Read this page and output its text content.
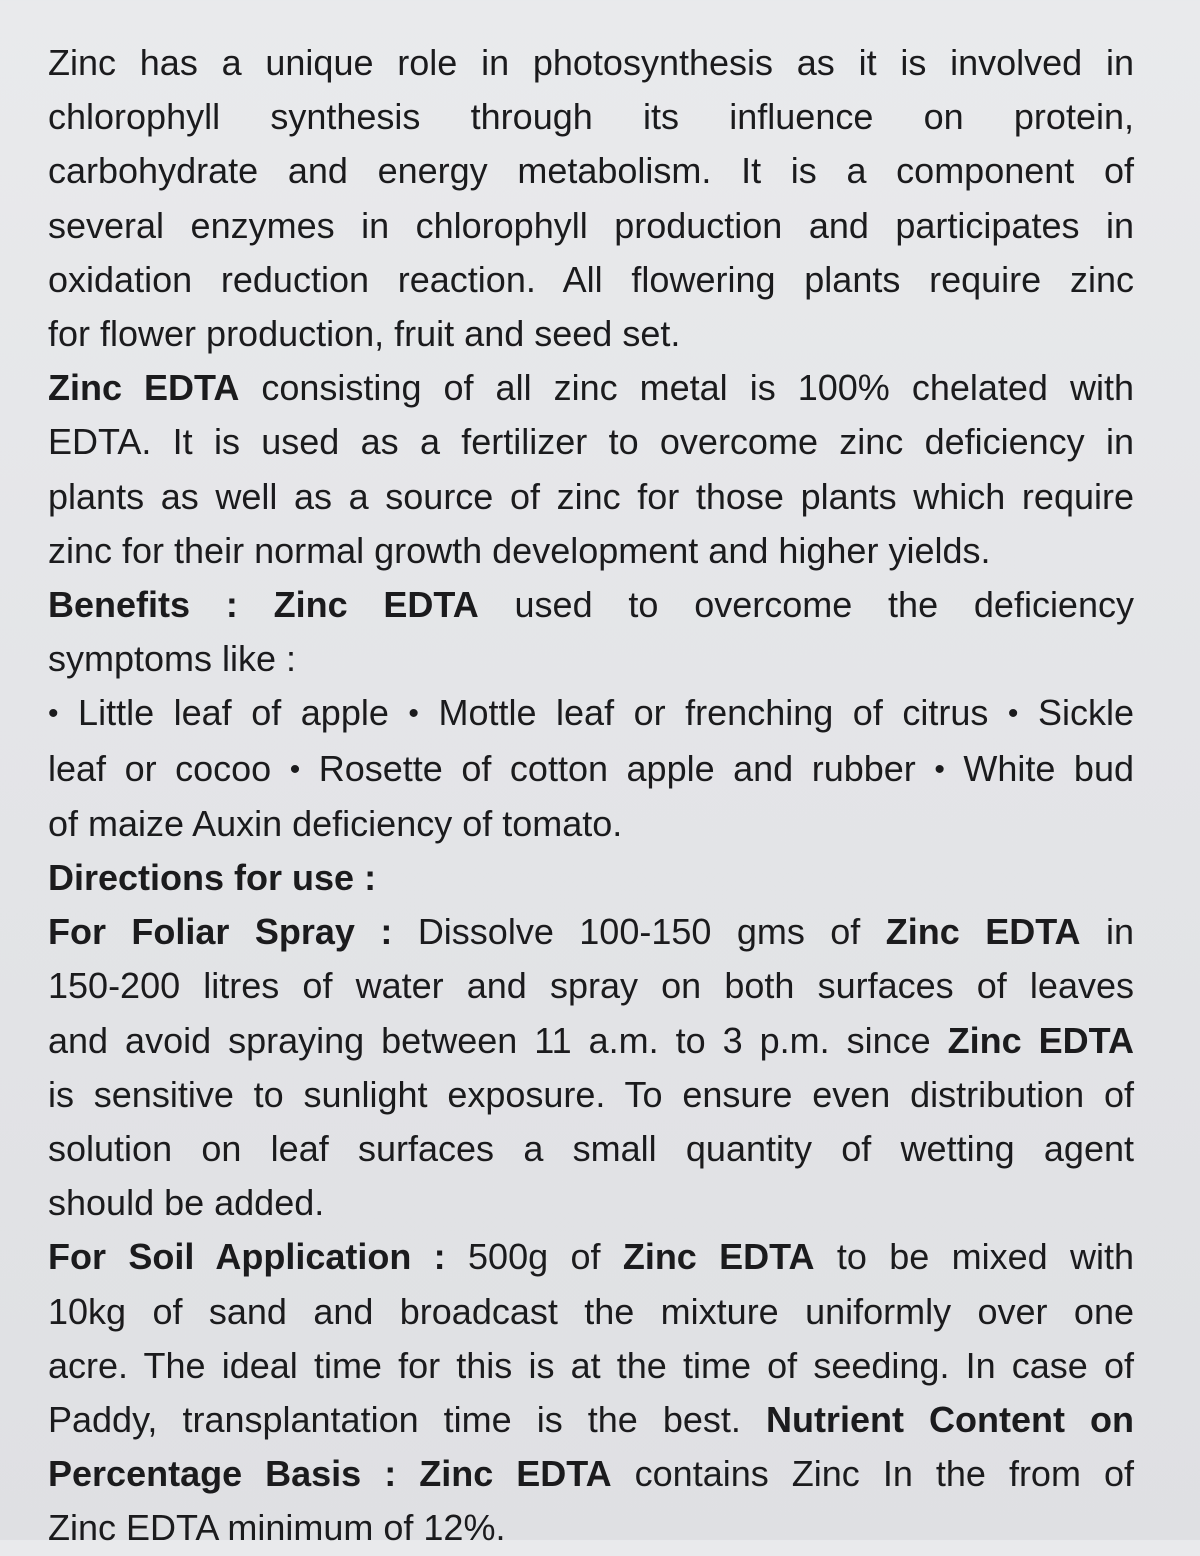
Zinc has a unique role in photosynthesis as it is involved in

chlorophyll synthesis through its influence on protein,

carbohydrate and energy metabolism. It is a component of

several enzymes in chlorophyll production and participates in

oxidation reduction reaction. All flowering plants require zinc

for flower production, fruit and seed set.

Zinc EDTA consisting of all zinc metal is 100% chelated with

EDTA. It is used as a fertilizer to overcome zinc deficiency in

plants as well as a source of zinc for those plants which require

zinc for their normal growth development and higher yields.

Benefits : Zinc EDTA used to overcome the deficiency

symptoms like :

• Little leaf of apple • Mottle leaf or frenching of citrus • Sickle

leaf or cocoo • Rosette of cotton apple and rubber • White bud

of maize Auxin deficiency of tomato.

Directions for use :

For Foliar Spray : Dissolve 100-150 gms of Zinc EDTA in

150-200 litres of water and spray on both surfaces of leaves

and avoid spraying between 11 a.m. to 3 p.m. since Zinc EDTA

is sensitive to sunlight exposure. To ensure even distribution of

solution on leaf surfaces a small quantity of wetting agent

should be added.

For Soil Application : 500g of Zinc EDTA to be mixed with

10kg of sand and broadcast the mixture uniformly over one

acre. The ideal time for this is at the time of seeding. In case of

Paddy, transplantation time is the best. Nutrient Content on

Percentage Basis : Zinc EDTA contains Zinc In the from of

Zinc EDTA minimum of 12%.
